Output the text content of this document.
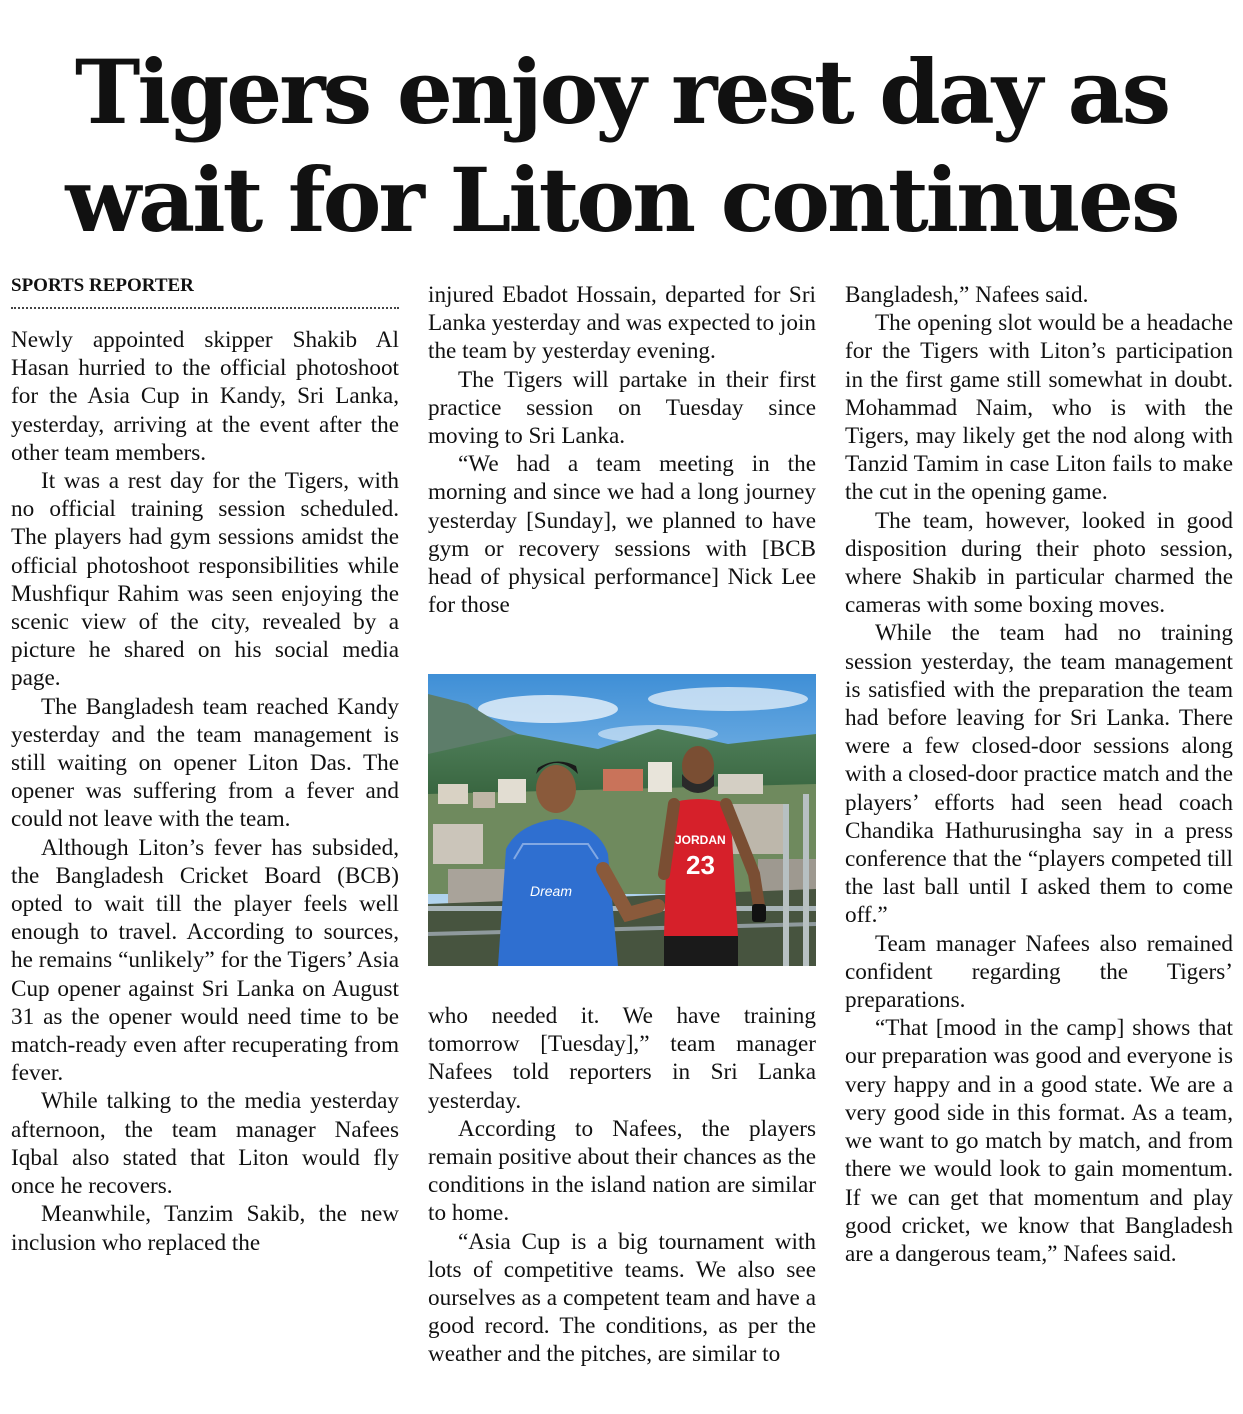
Tigers enjoy rest day as
wait for Liton continues
SPORTS REPORTER

Newly appointed skipper Shakib Al Hasan hurried to the official photoshoot for the Asia Cup in Kandy, Sri Lanka, yesterday, arriving at the event after the other team members.

It was a rest day for the Tigers, with no official training session scheduled. The players had gym sessions amidst the official photoshoot responsibilities while Mushfiqur Rahim was seen enjoying the scenic view of the city, revealed by a picture he shared on his social media page.

The Bangladesh team reached Kandy yesterday and the team management is still waiting on opener Liton Das. The opener was suffering from a fever and could not leave with the team.

Although Liton’s fever has subsided, the Bangladesh Cricket Board (BCB) opted to wait till the player feels well enough to travel. According to sources, he remains “unlikely” for the Tigers’ Asia Cup opener against Sri Lanka on August 31 as the opener would need time to be match-ready even after recuperating from fever.

While talking to the media yesterday afternoon, the team manager Nafees Iqbal also stated that Liton would fly once he recovers.

Meanwhile, Tanzim Sakib, the new inclusion who replaced the

injured Ebadot Hossain, departed for Sri Lanka yesterday and was expected to join the team by yesterday evening.

The Tigers will partake in their first practice session on Tuesday since moving to Sri Lanka.

“We had a team meeting in the morning and since we had a long journey yesterday [Sunday], we planned to have gym or recovery sessions with [BCB head of physical performance] Nick Lee for those

Dream
JORDAN
23

who needed it. We have training tomorrow [Tuesday],” team manager Nafees told reporters in Sri Lanka yesterday.

According to Nafees, the players remain positive about their chances as the conditions in the island nation are similar to home.

“Asia Cup is a big tournament with lots of competitive teams. We also see ourselves as a competent team and have a good record. The conditions, as per the weather and the pitches, are similar to

Bangladesh,” Nafees said.

The opening slot would be a headache for the Tigers with Liton’s participation in the first game still somewhat in doubt. Mohammad Naim, who is with the Tigers, may likely get the nod along with Tanzid Tamim in case Liton fails to make the cut in the opening game.

The team, however, looked in good disposition during their photo session, where Shakib in particular charmed the cameras with some boxing moves.

While the team had no training session yesterday, the team management is satisfied with the preparation the team had before leaving for Sri Lanka. There were a few closed-door sessions along with a closed-door practice match and the players’ efforts had seen head coach Chandika Hathurusingha say in a press conference that the “players competed till the last ball until I asked them to come off.”

Team manager Nafees also remained confident regarding the Tigers’ preparations.

“That [mood in the camp] shows that our preparation was good and everyone is very happy and in a good state. We are a very good side in this format. As a team, we want to go match by match, and from there we would look to gain momentum. If we can get that momentum and play good cricket, we know that Bangladesh are a dangerous team,” Nafees said.
